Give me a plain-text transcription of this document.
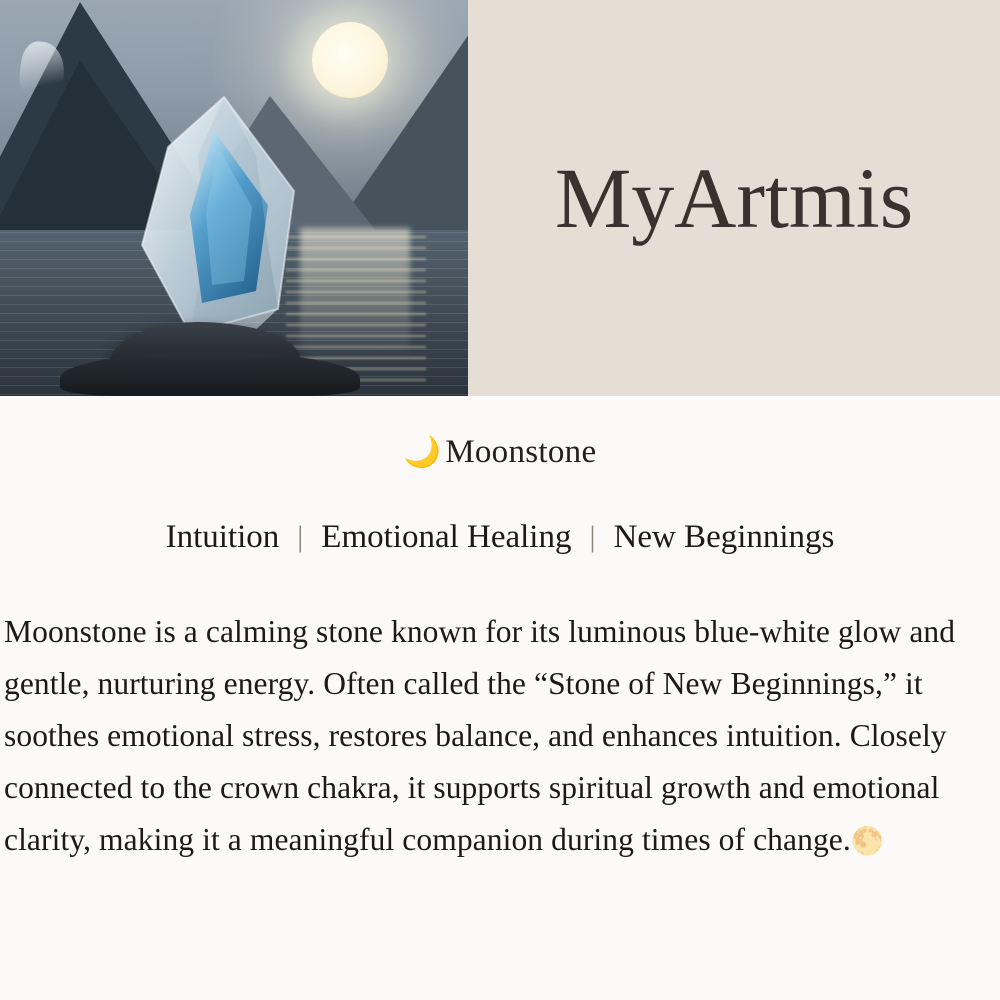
MyArtmis
🌙 Moonstone
Intuition | Emotional Healing | New Beginnings
Moonstone is a calming stone known for its luminous blue-white glow and gentle, nurturing energy. Often called the “Stone of New Beginnings,” it soothes emotional stress, restores balance, and enhances intuition. Closely connected to the crown chakra, it supports spiritual growth and emotional clarity, making it a meaningful companion during times of change.🌕
